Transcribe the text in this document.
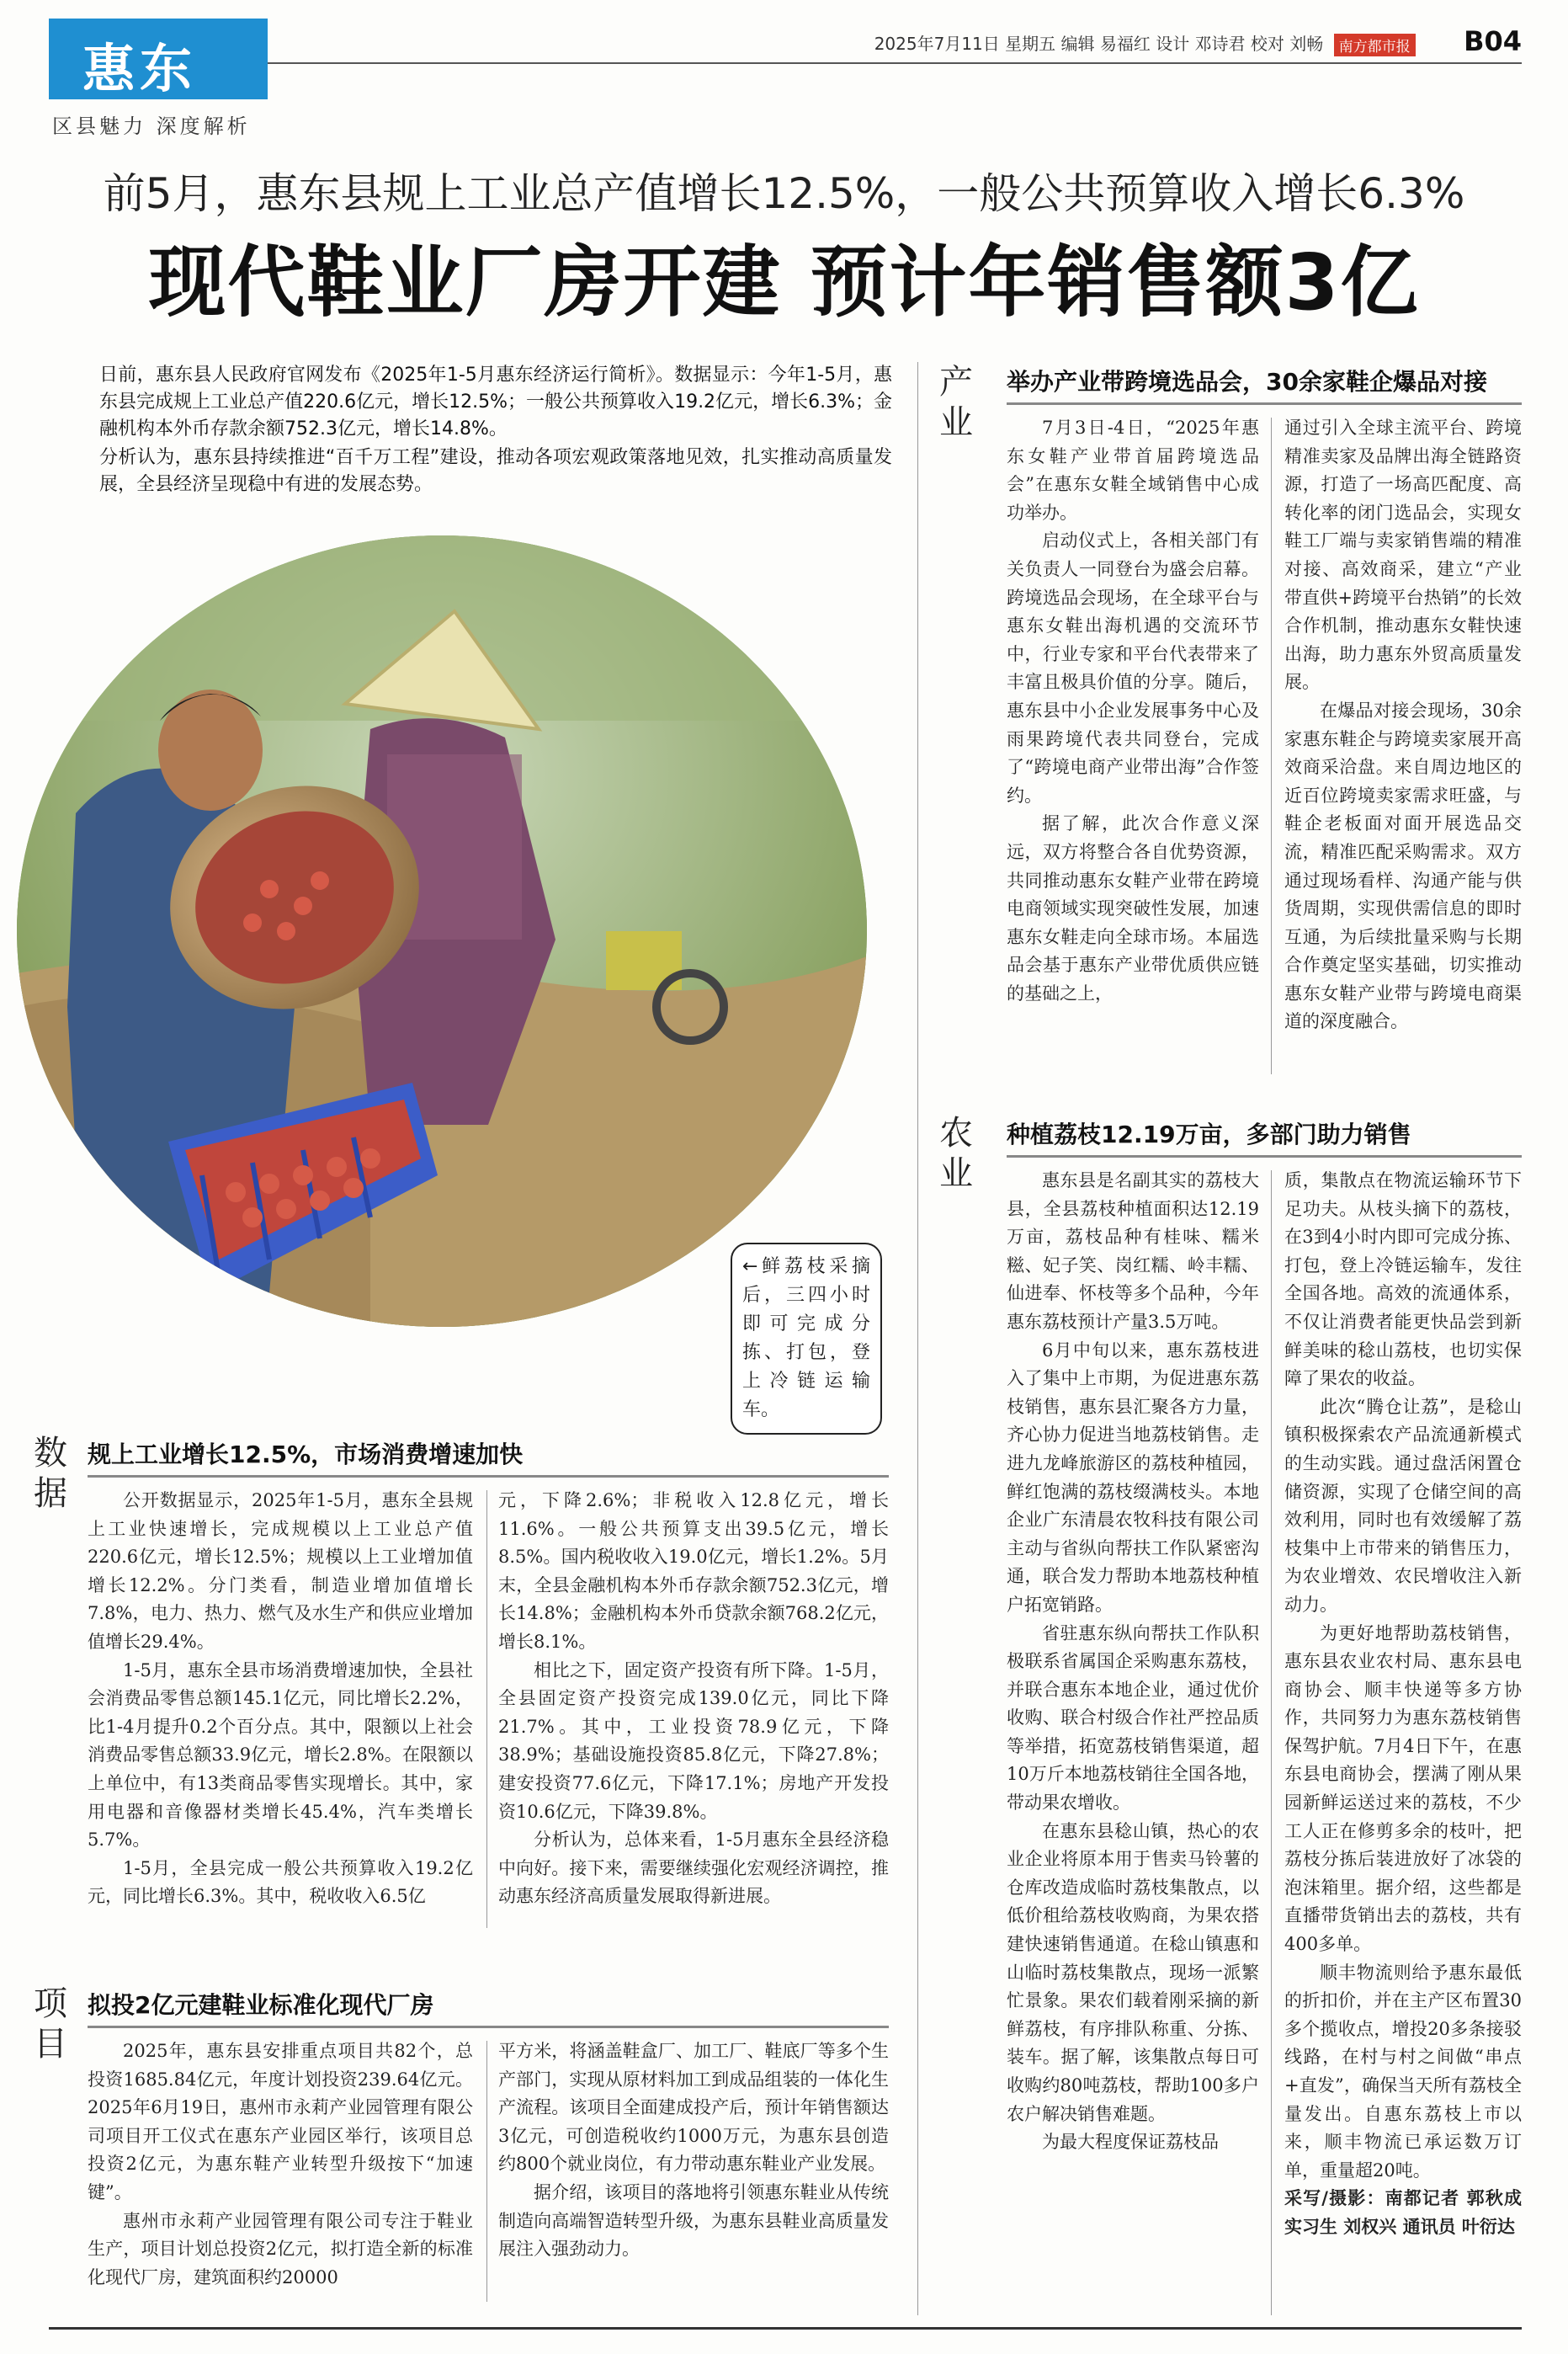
惠东
区县魅力 深度解析
2025年7月11日 星期五 编辑 易福红 设计 邓诗君 校对 刘畅 南方都市报	B04
前5月，惠东县规上工业总产值增长12.5%，一般公共预算收入增长6.3%
现代鞋业厂房开建 预计年销售额3亿

日前，惠东县人民政府官网发布《2025年1-5月惠东经济运行简析》。数据显示：今年1-5月，惠东县完成规上工业总产值220.6亿元，增长12.5%；一般公共预算收入19.2亿元，增长6.3%；金融机构本外币存款余额752.3亿元，增长14.8%。

分析认为，惠东县持续推进“百千万工程”建设，推动各项宏观政策落地见效，扎实推动高质量发展，全县经济呈现稳中有进的发展态势。

←鲜荔枝采摘后，三四小时即可完成分拣、打包，登上冷链运输车。
数据
规上工业增长12.5%，市场消费增速加快

公开数据显示，2025年1-5月，惠东全县规上工业快速增长，完成规模以上工业总产值220.6亿元，增长12.5%；规模以上工业增加值增长12.2%。分门类看，制造业增加值增长7.8%，电力、热力、燃气及水生产和供应业增加值增长29.4%。

1-5月，惠东全县市场消费增速加快，全县社会消费品零售总额145.1亿元，同比增长2.2%，比1-4月提升0.2个百分点。其中，限额以上社会消费品零售总额33.9亿元，增长2.8%。在限额以上单位中，有13类商品零售实现增长。其中，家用电器和音像器材类增长45.4%，汽车类增长5.7%。

1-5月，全县完成一般公共预算收入19.2亿元，同比增长6.3%。其中，税收收入6.5亿

元，下降2.6%；非税收入12.8亿元，增长11.6%。一般公共预算支出39.5亿元，增长8.5%。国内税收收入19.0亿元，增长1.2%。5月末，全县金融机构本外币存款余额752.3亿元，增长14.8%；金融机构本外币贷款余额768.2亿元，增长8.1%。

相比之下，固定资产投资有所下降。1-5月，全县固定资产投资完成139.0亿元，同比下降21.7%。其中，工业投资78.9亿元，下降38.9%；基础设施投资85.8亿元，下降27.8%；建安投资77.6亿元，下降17.1%；房地产开发投资10.6亿元，下降39.8%。

分析认为，总体来看，1-5月惠东全县经济稳中向好。接下来，需要继续强化宏观经济调控，推动惠东经济高质量发展取得新进展。

项目
拟投2亿元建鞋业标准化现代厂房

2025年，惠东县安排重点项目共82个，总投资1685.84亿元，年度计划投资239.64亿元。2025年6月19日，惠州市永莉产业园管理有限公司项目开工仪式在惠东产业园区举行，该项目总投资2亿元，为惠东鞋产业转型升级按下“加速键”。

惠州市永莉产业园管理有限公司专注于鞋业生产，项目计划总投资2亿元，拟打造全新的标准化现代厂房，建筑面积约20000

平方米，将涵盖鞋盒厂、加工厂、鞋底厂等多个生产部门，实现从原材料加工到成品组装的一体化生产流程。该项目全面建成投产后，预计年销售额达3亿元，可创造税收约1000万元，为惠东县创造约800个就业岗位，有力带动惠东鞋业产业发展。

据介绍，该项目的落地将引领惠东鞋业从传统制造向高端智造转型升级，为惠东县鞋业高质量发展注入强劲动力。

产业
举办产业带跨境选品会，30余家鞋企爆品对接

7月3日-4日，“2025年惠东女鞋产业带首届跨境选品会”在惠东女鞋全域销售中心成功举办。

启动仪式上，各相关部门有关负责人一同登台为盛会启幕。跨境选品会现场，在全球平台与惠东女鞋出海机遇的交流环节中，行业专家和平台代表带来了丰富且极具价值的分享。随后，惠东县中小企业发展事务中心及雨果跨境代表共同登台，完成了“跨境电商产业带出海”合作签约。

据了解，此次合作意义深远，双方将整合各自优势资源，共同推动惠东女鞋产业带在跨境电商领域实现突破性发展，加速惠东女鞋走向全球市场。本届选品会基于惠东产业带优质供应链的基础之上，

通过引入全球主流平台、跨境精准卖家及品牌出海全链路资源，打造了一场高匹配度、高转化率的闭门选品会，实现女鞋工厂端与卖家销售端的精准对接、高效商采，建立“产业带直供+跨境平台热销”的长效合作机制，推动惠东女鞋快速出海，助力惠东外贸高质量发展。

在爆品对接会现场，30余家惠东鞋企与跨境卖家展开高效商采洽盘。来自周边地区的近百位跨境卖家需求旺盛，与鞋企老板面对面开展选品交流，精准匹配采购需求。双方通过现场看样、沟通产能与供货周期，实现供需信息的即时互通，为后续批量采购与长期合作奠定坚实基础，切实推动惠东女鞋产业带与跨境电商渠道的深度融合。

农业
种植荔枝12.19万亩，多部门助力销售

惠东县是名副其实的荔枝大县，全县荔枝种植面积达12.19万亩，荔枝品种有桂味、糯米糍、妃子笑、岗红糯、岭丰糯、仙进奉、怀枝等多个品种，今年惠东荔枝预计产量3.5万吨。

6月中旬以来，惠东荔枝进入了集中上市期，为促进惠东荔枝销售，惠东县汇聚各方力量，齐心协力促进当地荔枝销售。走进九龙峰旅游区的荔枝种植园，鲜红饱满的荔枝缀满枝头。本地企业广东清晨农牧科技有限公司主动与省纵向帮扶工作队紧密沟通，联合发力帮助本地荔枝种植户拓宽销路。

省驻惠东纵向帮扶工作队积极联系省属国企采购惠东荔枝，并联合惠东本地企业，通过优价收购、联合村级合作社严控品质等举措，拓宽荔枝销售渠道，超10万斤本地荔枝销往全国各地，带动果农增收。

在惠东县稔山镇，热心的农业企业将原本用于售卖马铃薯的仓库改造成临时荔枝集散点，以低价租给荔枝收购商，为果农搭建快速销售通道。在稔山镇惠和山临时荔枝集散点，现场一派繁忙景象。果农们载着刚采摘的新鲜荔枝，有序排队称重、分拣、装车。据了解，该集散点每日可收购约80吨荔枝，帮助100多户农户解决销售难题。

为最大程度保证荔枝品

质，集散点在物流运输环节下足功夫。从枝头摘下的荔枝，在3到4小时内即可完成分拣、打包，登上冷链运输车，发往全国各地。高效的流通体系，不仅让消费者能更快品尝到新鲜美味的稔山荔枝，也切实保障了果农的收益。

此次“腾仓让荔”，是稔山镇积极探索农产品流通新模式的生动实践。通过盘活闲置仓储资源，实现了仓储空间的高效利用，同时也有效缓解了荔枝集中上市带来的销售压力，为农业增效、农民增收注入新动力。

为更好地帮助荔枝销售，惠东县农业农村局、惠东县电商协会、顺丰快递等多方协作，共同努力为惠东荔枝销售保驾护航。7月4日下午，在惠东县电商协会，摆满了刚从果园新鲜运送过来的荔枝，不少工人正在修剪多余的枝叶，把荔枝分拣后装进放好了冰袋的泡沫箱里。据介绍，这些都是直播带货销出去的荔枝，共有400多单。

顺丰物流则给予惠东最低的折扣价，并在主产区布置30多个揽收点，增投20多条接驳线路，在村与村之间做“串点+直发”，确保当天所有荔枝全量发出。自惠东荔枝上市以来，顺丰物流已承运数万订单，重量超20吨。

采写/摄影：南都记者 郭秋成 实习生 刘权兴 通讯员 叶衍达
